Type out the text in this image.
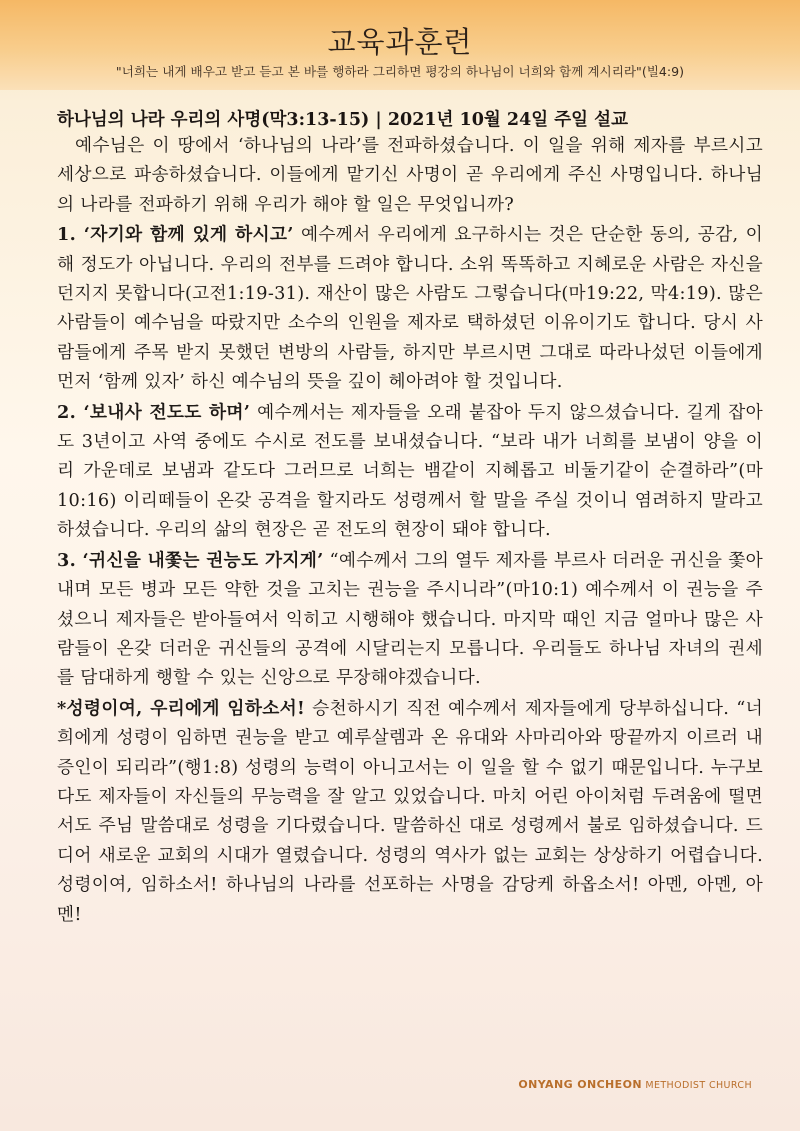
교육과훈련
"너희는 내게 배우고 받고 듣고 본 바를 행하라 그리하면 평강의 하나님이 너희와 함께 계시리라"(빌4:9)
하나님의 나라 우리의 사명(막3:13-15) | 2021년 10월 24일 주일 설교

예수님은 이 땅에서 ‘하나님의 나라’를 전파하셨습니다. 이 일을 위해 제자를 부르시고 세상으로 파송하셨습니다. 이들에게 맡기신 사명이 곧 우리에게 주신 사명입니다. 하나님의 나라를 전파하기 위해 우리가 해야 할 일은 무엇입니까?

1. ‘자기와 함께 있게 하시고’ 예수께서 우리에게 요구하시는 것은 단순한 동의, 공감, 이해 정도가 아닙니다. 우리의 전부를 드려야 합니다. 소위 똑똑하고 지혜로운 사람은 자신을 던지지 못합니다(고전1:19-31). 재산이 많은 사람도 그렇습니다(마19:22, 막4:19). 많은 사람들이 예수님을 따랐지만 소수의 인원을 제자로 택하셨던 이유이기도 합니다. 당시 사람들에게 주목 받지 못했던 변방의 사람들, 하지만 부르시면 그대로 따라나섰던 이들에게 먼저 ‘함께 있자’ 하신 예수님의 뜻을 깊이 헤아려야 할 것입니다.

2. ‘보내사 전도도 하며’ 예수께서는 제자들을 오래 붙잡아 두지 않으셨습니다. 길게 잡아도 3년이고 사역 중에도 수시로 전도를 보내셨습니다. “보라 내가 너희를 보냄이 양을 이리 가운데로 보냄과 같도다 그러므로 너희는 뱀같이 지혜롭고 비둘기같이 순결하라”(마10:16) 이리떼들이 온갖 공격을 할지라도 성령께서 할 말을 주실 것이니 염려하지 말라고 하셨습니다. 우리의 삶의 현장은 곧 전도의 현장이 돼야 합니다.

3. ‘귀신을 내쫓는 권능도 가지게’ “예수께서 그의 열두 제자를 부르사 더러운 귀신을 쫓아내며 모든 병과 모든 약한 것을 고치는 권능을 주시니라”(마10:1) 예수께서 이 권능을 주셨으니 제자들은 받아들여서 익히고 시행해야 했습니다. 마지막 때인 지금 얼마나 많은 사람들이 온갖 더러운 귀신들의 공격에 시달리는지 모릅니다. 우리들도 하나님 자녀의 권세를 담대하게 행할 수 있는 신앙으로 무장해야겠습니다.

*성령이여, 우리에게 임하소서! 승천하시기 직전 예수께서 제자들에게 당부하십니다. “너희에게 성령이 임하면 권능을 받고 예루살렘과 온 유대와 사마리아와 땅끝까지 이르러 내 증인이 되리라”(행1:8) 성령의 능력이 아니고서는 이 일을 할 수 없기 때문입니다. 누구보다도 제자들이 자신들의 무능력을 잘 알고 있었습니다. 마치 어린 아이처럼 두려움에 떨면서도 주님 말씀대로 성령을 기다렸습니다. 말씀하신 대로 성령께서 불로 임하셨습니다. 드디어 새로운 교회의 시대가 열렸습니다. 성령의 역사가 없는 교회는 상상하기 어렵습니다. 성령이여, 임하소서! 하나님의 나라를 선포하는 사명을 감당케 하옵소서! 아멘, 아멘, 아멘!

ONYANG ONCHEON METHODIST CHURCH
